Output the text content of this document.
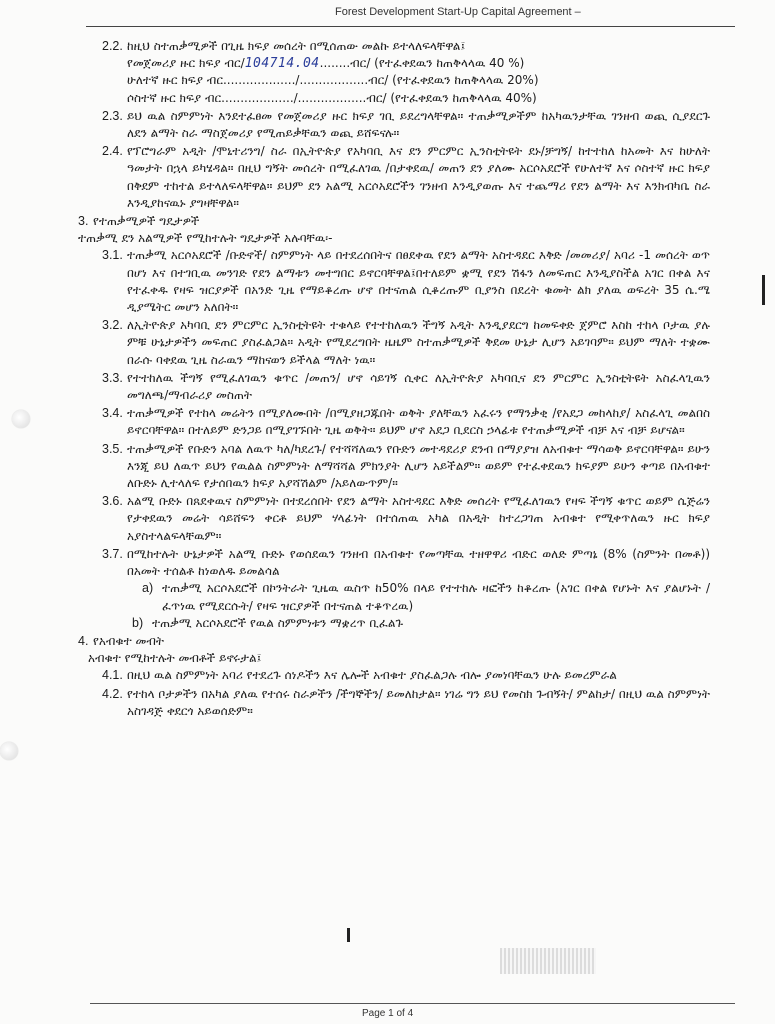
Forest Development Start-Up Capital Agreement –
2.2. ከዚህ ስተጠቃሚዎች በጊዜ ክፍያ መሰረት በሚሰጠው መልኩ ይተላለፍላቸዋል፤
የመጀመሪያ ዙር ክፍያ ብር/104714.04........ብር/ (የተፈቀደዉን ከጠቅላላዉ 40 %)
ሁለተኛ ዙር ክፍያ ብር.................../..................ብር/ (የተፈቀደዉን ከጠቅላላዉ 20%)
ሶስተኛ ዙር ክፍያ ብር.................../..................ብር/ (የተፈቀደዉን ከጠቅላላዉ 40%)
2.3. ይህ ዉል ስምምነት እንደተፈፀመ የመጀመሪያ ዙር ክፍያ ገቢ ይደረግላቸዋል። ተጠቃሚዎችም ከአካዉንታቸዉ ገንዘብ ወጪ ሲያደርጉ ለደን ልማት ስራ ማስጀመሪያ የሚጠይቃቸዉን ወጪ ይሸፍናሉ።
2.4. የፕሮግራም አዲት /ሞኒተሪንግ/ ስራ በኢትዮጵያ የአካባቢ እና ደን ምርምር ኢንስቲትዩት ደኑ/ቻግኝ/ ከተተከለ ከአመት እና ከሁለት ዓመታት በኋላ ይካሄዳል። በዚህ ግኝት መሰረት በሚፈለገዉ /በታቀደዉ/ መጠን ደን ያለሙ አርሶአደሮች የሁለተኛ እና ሶስተኛ ዙር ክፍያ በቅደም ተከተል ይተላለፍላቸዋል። ይህም ደን አልሚ አርሶአደሮችን ገንዘብ እንዲያወጡ እና ተጨማሪ የደን ልማት እና እንክብካቤ ስራ እንዲያከናዉኑ ያግዛቸዋል።
3. የተጠቃሚዎች ግዴታዎች
ተጠቃሚ ደን አልሚዎች የሚከተሉት ግዴታዎች አሉባቸዉ፡-
3.1. ተጠቃሚ አርሶአደሮች /ቡድኖች/ ስምምነት ላይ በተደረሰበትና በፀደቀዉ የደን ልማት አስተዳደር እቅድ /መመሪያ/ አባሪ -1 መሰረት ወጥ በሆነ እና በተገቢዉ መንገድ የደን ልማቱን መተግበር ይኖርባቸዋል፤በተለይም ቋሚ የደን ሽፋን ለመፍጠር እንዲያስችል አገር በቀል እና የተፈቀዱ የዛፍ ዝርያዎች በአንድ ጊዜ የማይቆረጡ ሆኖ በተናጠል ሲቆረጡም ቢያንስ በደረት ቁመት ልክ ያለዉ ወፍረት 35 ሴ.ሜ ዲያሜትር መሆን አለበት።
3.2. ለኢትዮጵያ አካባቢ ደን ምርምር ኢንስቲትዩት ተቁላይ የተተከለዉን ችግኝ አዲት እንዲያደርግ ከመፍቀድ ጀምሮ እስከ ተከላ ቦታዉ ያሉ ምቹ ሁኔታዎችን መፍጠር ያስፈልጋል። አዲት የሚደረግበት ዜዜም ስተጠቃሚዎች ቅደመ ሁኔታ ሊሆን አይገባም። ይህም ማለት ተቋሙ በራሱ ባቀደዉ ጊዜ ስራዉን ማከናወን ይችላል ማለት ነዉ።
3.3. የተተከለዉ ችግኝ የሚፈለገዉን ቁጥር /መጠን/ ሆኖ ሳይገኝ ሲቀር ለኢትዮጵያ አካባቢና ደን ምርምር ኢንስቲትዩት አስፈላጊዉን መግለጫ/ማብራሪያ መስጠት
3.4. ተጠቃሚዎች የተከላ መሬትን በሚያለሙበት /በሚያዘጋጁበት ወቅት ያለቸዉን አፈሩን የማንቃቂ /የአደጋ መከላከያ/ አስፈላጊ መልበስ ይኖርባቸዋል። በተለይም ድንጋይ በሚያገኙበት ጊዜ ወቅት። ይህም ሆኖ አደጋ ቢደርስ ኃላፊቱ የተጠቃሚዎች ብቻ እና ብቻ ይሆናል።
3.5. ተጠቃሚዎች የቡድን አባል ለዉጥ ካለ/ካደረጉ/ የተሻሻለዉን የቡድን መተዳደሪያ ደንብ በማያያዝ ለአብቁተ ማሳወቅ ይኖርባቸዋል። ይሁን እንጂ ይህ ለዉጥ ይህን የዉልል ስምምነት ለማሻሻል ምክንያት ሊሆን አይችልም። ወይም የተፈቀደዉን ክፍያም ይሁን ቀጣይ በአብቁተ ለቡድኑ ሊተላለፍ የታሰበዉን ክፍያ አያሻሽልም /አይለውጥም/።
3.6. አልሚ ቡድኑ በጸደቀዉና ስምምነት በተደረሰበት የደን ልማት አስተዳደር እቅድ መሰረት የሚፈለገዉን የዛፍ ችግኝ ቁጥር ወይም ሴጅሬን የታቀደዉን መሬት ሳይሸፍን ቀርቶ ይህም ሃላፊነት በተሰጠዉ አካል በአዲት ከተረጋገጠ አብቁተ የሚቀጥለዉን ዙር ክፍያ አያስተላልፍላቸዉም።
3.7. በሚከተሉት ሁኔታዎች አልሚ ቡድኑ የወሰደዉን ገንዘብ በአብቁተ የመጣቸዉ ተዘዋዋሪ ብድር ወለድ ምጣኔ (8% (ስምንት በመቶ)) በአመት ተሰልቶ ከነወለዱ ይመልሳል
a) ተጠቃሚ አርሶአደሮች በኮንትራት ጊዜዉ ዉስጥ ከ50% በላይ የተተከሉ ዛፎችን ከቆረጡ (አገር በቀል የሆኑት እና ያልሆኑት /ፈጥነዉ የሚደርሱት/ የዛፍ ዝርያዎች በተናጠል ተቆጥረዉ)
b) ተጠቃሚ አርሶአደሮች የዉል ስምምነቱን ማቋረጥ ቢፈልጉ
4. የአብቁተ መብት
አብቁተ የሚከተሉት መብቶች ይኖሩታል፤
4.1. በዚህ ዉል ስምምነት አባሪ የተደረጉ ሰነዶችን እና ሌሎች አብቁተ ያስፈልጋሉ ብሎ ያመነባቸዉን ሁሉ ይመረምራል
4.2. የተከላ ቦታዎችን በአካል ያለዉ የተሰሩ ስራዎችን /ችግኞችን/ ይመለከታል። ነገሬ ግን ይህ የመስክ ጉብኝት/ ምልከታ/ በዚህ ዉል ስምምነት አስገዳጅ ቀደርጎ አይወሰድም።
Page 1 of 4
